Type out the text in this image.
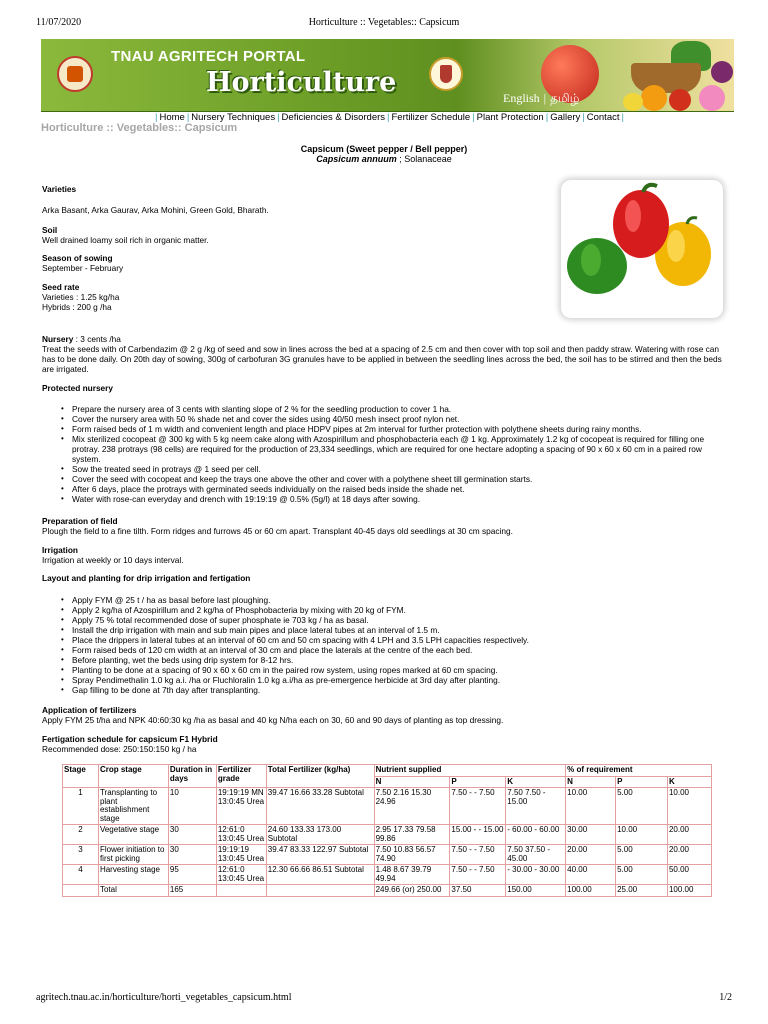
11/07/2020	Horticulture :: Vegetables:: Capsicum
TNAU AGRITECH PORTAL
Horticulture	English | தமிழ்
| Home | Nursery Techniques | Deficiencies & Disorders | Fertilizer Schedule | Plant Protection | Gallery | Contact |
Horticulture :: Vegetables:: Capsicum
Capsicum (Sweet pepper / Bell pepper)
Capsicum annuum ; Solanaceae
Varieties
Arka Basant, Arka Gaurav, Arka Mohini, Green Gold, Bharath.
Soil
Well drained loamy soil rich in organic matter.
Season of sowing
September - February
Seed rate
Varieties : 1.25 kg/ha
Hybrids : 200 g /ha
Nursery : 3 cents /ha
Treat the seeds with of Carbendazim @ 2 g /kg of seed and sow in lines across the bed at a spacing of 2.5 cm and then cover with top soil and then paddy straw. Watering with rose can has to be done daily. On 20th day of sowing, 300g of carbofuran 3G granules have to be applied in between the seedling lines across the bed, the soil has to be stirred and then the beds are irrigated.
Protected nursery
• Prepare the nursery area of 3 cents with slanting slope of 2 % for the seedling production to cover 1 ha.
• Cover the nursery area with 50 % shade net and cover the sides using 40/50 mesh insect proof nylon net.
• Form raised beds of 1 m width and convenient length and place HDPV pipes at 2m interval for further protection with polythene sheets during rainy months.
• Mix sterilized cocopeat @ 300 kg with 5 kg neem cake along with Azospirillum and phosphobacteria each @ 1 kg. Approximately 1.2 kg of cocopeat is required for filling one protray. 238 protrays (98 cells) are required for the production of 23,334 seedlings, which are required for one hectare adopting a spacing of 90 x 60 x 60 cm in a paired row system.
• Sow the treated seed in protrays @ 1 seed per cell.
• Cover the seed with cocopeat and keep the trays one above the other and cover with a polythene sheet till germination starts.
• After 6 days, place the protrays with germinated seeds individually on the raised beds inside the shade net.
• Water with rose-can everyday and drench with 19:19:19 @ 0.5% (5g/l) at 18 days after sowing.
Preparation of field
Plough the field to a fine tilth. Form ridges and furrows 45 or 60 cm apart. Transplant 40-45 days old seedlings at 30 cm spacing.
Irrigation
Irrigation at weekly or 10 days interval.
Layout and planting for drip irrigation and fertigation
• Apply FYM @ 25 t / ha as basal before last ploughing.
• Apply 2 kg/ha of Azospirillum and 2 kg/ha of Phosphobacteria by mixing with 20 kg of FYM.
• Apply 75 % total recommended dose of super phosphate ie 703 kg / ha as basal.
• Install the drip irrigation with main and sub main pipes and place lateral tubes at an interval of 1.5 m.
• Place the drippers in lateral tubes at an interval of 60 cm and 50 cm spacing with 4 LPH and 3.5 LPH capacities respectively.
• Form raised beds of 120 cm width at an interval of 30 cm and place the laterals at the centre of the each bed.
• Before planting, wet the beds using drip system for 8-12 hrs.
• Planting to be done at a spacing of 90 x 60 x 60 cm in the paired row system, using ropes marked at 60 cm spacing.
• Spray Pendimethalin 1.0 kg a.i. /ha or Fluchloralin 1.0 kg a.i/ha as pre-emergence herbicide at 3rd day after planting.
• Gap filling to be done at 7th day after transplanting.
Application of fertilizers
Apply FYM 25 t/ha and NPK 40:60:30 kg /ha as basal and 40 kg N/ha each on 30, 60 and 90 days of planting as top dressing.
Fertigation schedule for capsicum F1 Hybrid
Recommended dose: 250:150:150 kg / ha
Stage	Crop stage	Duration in days	Fertilizer grade	Total Fertilizer (kg/ha)	Nutrient supplied			% of requirement		
					N	P	K	N	P	K
1	Transplanting to plant establishment stage	10	19:19:19 MN 13:0:45 Urea	39.47 16.66 33.28 Subtotal	7.50 2.16 15.30 24.96	7.50 - - 7.50	7.50 7.50 - 15.00	10.00	5.00	10.00
2	Vegetative stage	30	12:61:0 13:0:45 Urea	24.60 133.33 173.00 Subtotal	2.95 17.33 79.58 99.86	15.00 - - 15.00	- 60.00 - 60.00	30.00	10.00	20.00
3	Flower initiation to first picking	30	19:19:19 13:0:45 Urea	39.47 83.33 122.97 Subtotal	7.50 10.83 56.57 74.90	7.50 - - 7.50	7.50 37.50 - 45.00	20.00	5.00	20.00
4	Harvesting stage	95	12:61:0 13:0:45 Urea	12.30 66.66 86.51 Subtotal	1.48 8.67 39.79 49.94	7.50 - - 7.50	- 30.00 - 30.00	40.00	5.00	50.00
	Total	165			249.66 (or) 250.00	37.50	150.00	100.00	25.00	100.00
agritech.tnau.ac.in/horticulture/horti_vegetables_capsicum.html	1/2
